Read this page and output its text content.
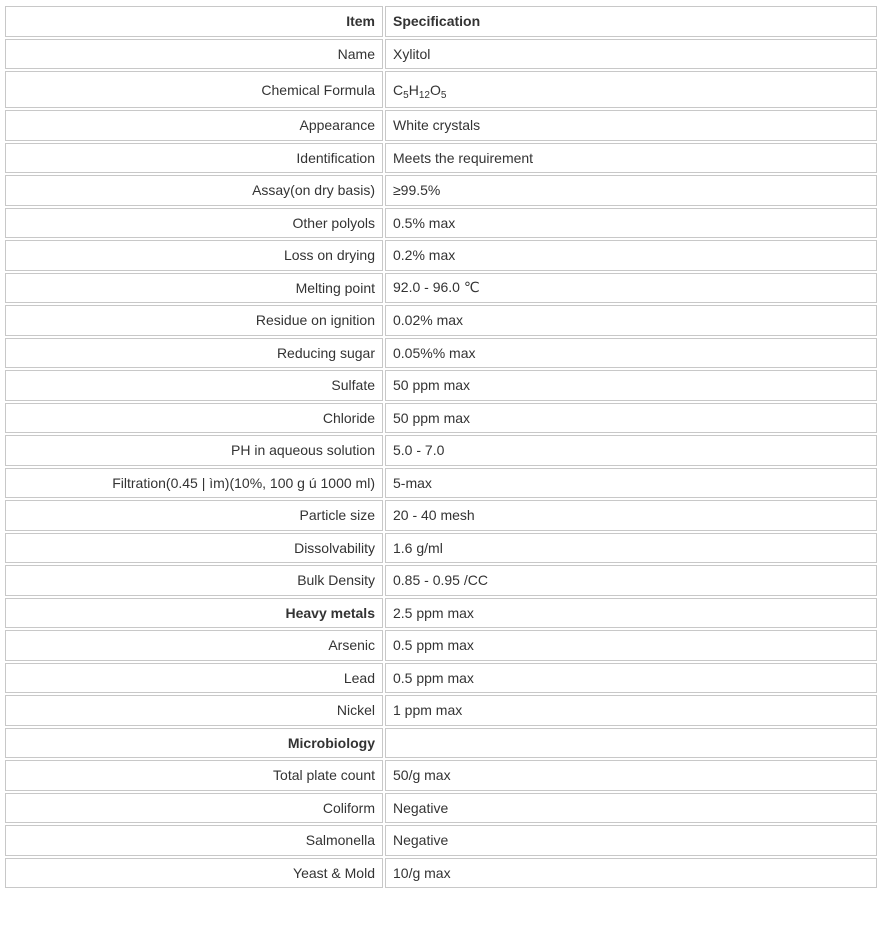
Item	Specification
Name	Xylitol
Chemical Formula	$C_5H_{12}O_5$
Appearance	White crystals
Identification	Meets the requirement
Assay(on dry basis)	≥99.5%
Other polyols	0.5% max
Loss on drying	0.2% max
Melting point	92.0 - 96.0 ℃
Residue on ignition	0.02% max
Reducing sugar	0.05%% max
Sulfate	50 ppm max
Chloride	50 ppm max
PH in aqueous solution	5.0 - 7.0
Filtration(0.45 | ìm)(10%, 100 g ú 1000 ml)	5-max
Particle size	20 - 40 mesh
Dissolvability	1.6 g/ml
Bulk Density	0.85 - 0.95 /CC
Heavy metals	2.5 ppm max
Arsenic	0.5 ppm max
Lead	0.5 ppm max
Nickel	1 ppm max
Microbiology	
Total plate count	50/g max
Coliform	Negative
Salmonella	Negative
Yeast & Mold	10/g max
